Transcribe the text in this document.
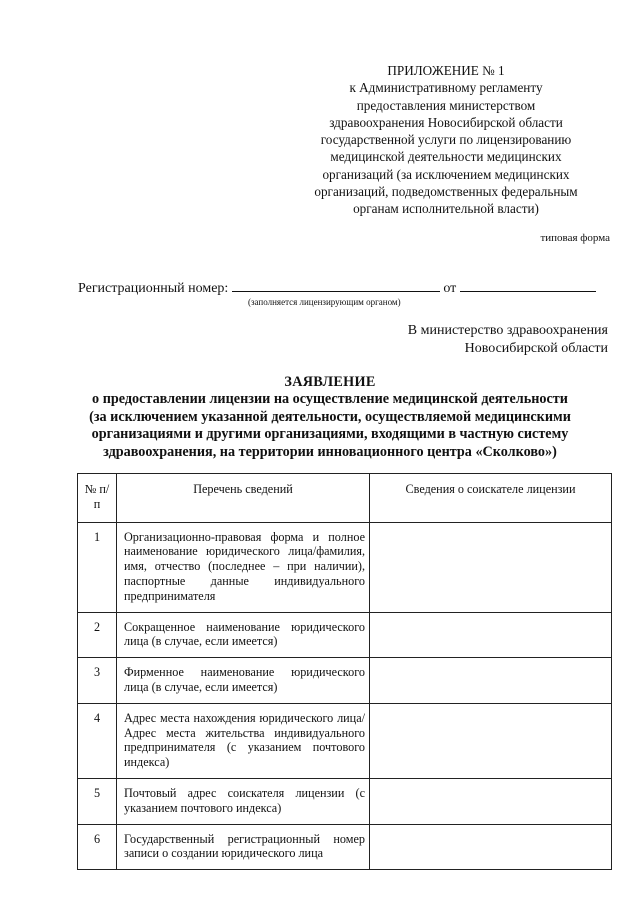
ПРИЛОЖЕНИЕ № 1
к Административному регламенту
предоставления министерством
здравоохранения Новосибирской области
государственной услуги по лицензированию
медицинской деятельности медицинских
организаций (за исключением медицинских
организаций, подведомственных федеральным
органам исполнительной власти)
типовая форма
Регистрационный номер:	от
(заполняется лицензирующим органом)
В министерство здравоохранения
Новосибирской области
ЗАЯВЛЕНИЕ
о предоставлении лицензии на осуществление медицинской деятельности
(за исключением указанной деятельности, осуществляемой медицинскими
организациями и другими организациями, входящими в частную систему
здравоохранения, на территории инновационного центра «Сколково»)
№ п/п	Перечень сведений	Сведения о соискателе лицензии
1	Организационно-правовая форма и полное наименование юридического лица/фамилия, имя, отчество (последнее – при наличии), паспортные данные индивидуального предпринимателя	
2	Сокращенное наименование юридического лица (в случае, если имеется)	
3	Фирменное наименование юридического лица (в случае, если имеется)	
4	Адрес места нахождения юридического лица/Адрес места жительства индивидуального предпринимателя (с указанием почтового индекса)	
5	Почтовый адрес соискателя лицензии (с указанием почтового индекса)	
6	Государственный регистрационный номер записи о создании юридического лица	
